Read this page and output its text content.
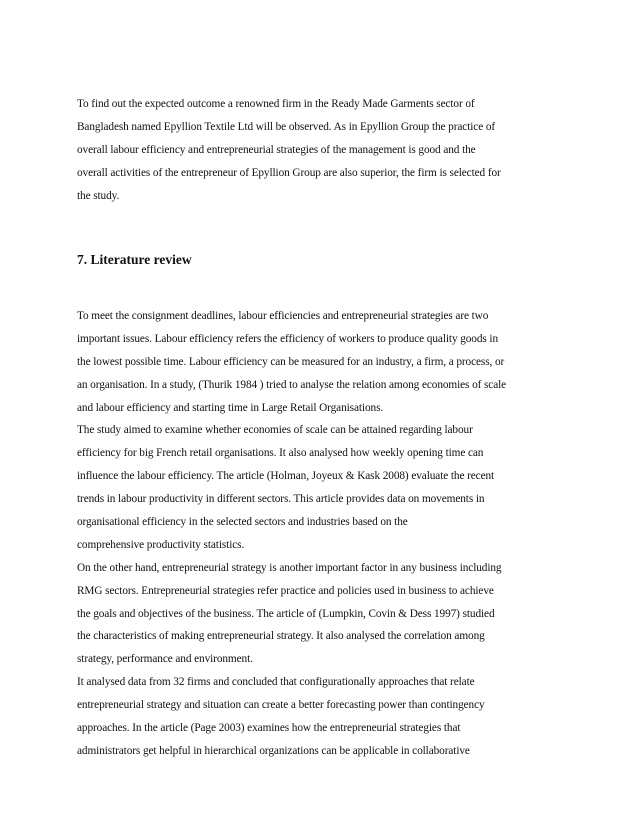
To find out the expected outcome a renowned firm in the Ready Made Garments sector of
Bangladesh named Epyllion Textile Ltd will be observed. As in Epyllion Group the practice of
overall labour efficiency and entrepreneurial strategies of the management is good and the
overall activities of the entrepreneur of Epyllion Group are also superior, the firm is selected for
the study.
7. Literature review
To meet the consignment deadlines, labour efficiencies and entrepreneurial strategies are two
important issues. Labour efficiency refers the efficiency of workers to produce quality goods in
the lowest possible time. Labour efficiency can be measured for an industry, a firm, a process, or
an organisation. In a study, (Thurik 1984 ) tried to analyse the relation among economies of scale
and labour efficiency and starting time in Large Retail Organisations.
The study aimed to examine whether economies of scale can be attained regarding labour
efficiency for big French retail organisations. It also analysed how weekly opening time can
influence the labour efficiency. The article (Holman, Joyeux & Kask 2008) evaluate the recent
trends in labour productivity in different sectors. This article provides data on movements in
organisational efficiency in the selected sectors and industries based on the
comprehensive productivity statistics.
On the other hand, entrepreneurial strategy is another important factor in any business including
RMG sectors. Entrepreneurial strategies refer practice and policies used in business to achieve
the goals and objectives of the business. The article of (Lumpkin, Covin & Dess 1997) studied
the characteristics of making entrepreneurial strategy. It also analysed the correlation among
strategy, performance and environment.
It analysed data from 32 firms and concluded that configurationally approaches that relate
entrepreneurial strategy and situation can create a better forecasting power than contingency
approaches. In the article (Page 2003) examines how the entrepreneurial strategies that
administrators get helpful in hierarchical organizations can be applicable in collaborative
